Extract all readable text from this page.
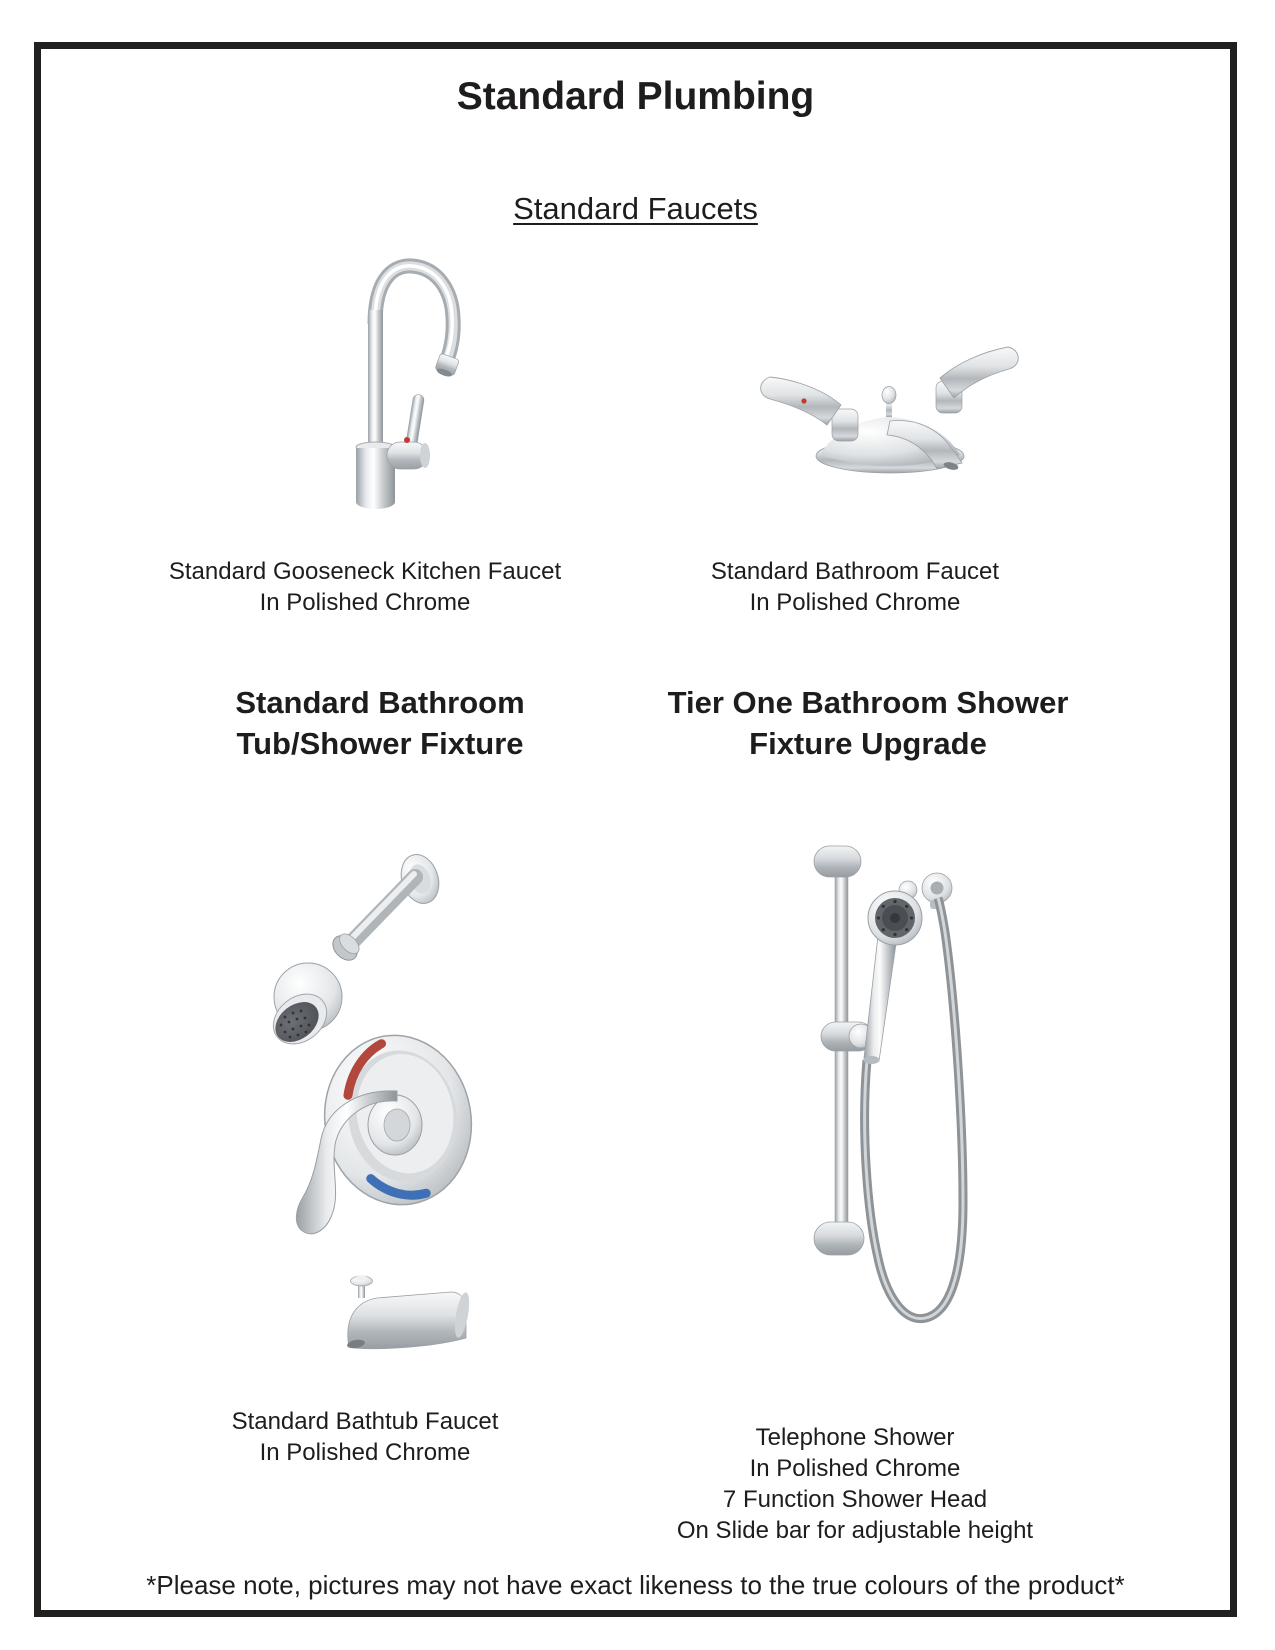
Standard Plumbing
Standard Faucets
Standard Gooseneck Kitchen Faucet
In Polished Chrome
Standard Bathroom Faucet
In Polished Chrome
Standard Bathroom
Tub/Shower Fixture
Tier One Bathroom Shower
Fixture Upgrade
Standard Bathtub Faucet
In Polished Chrome
Telephone Shower
In Polished Chrome
7 Function Shower Head
On Slide bar for adjustable height
*Please note, pictures may not have exact likeness to the true colours of the product*
